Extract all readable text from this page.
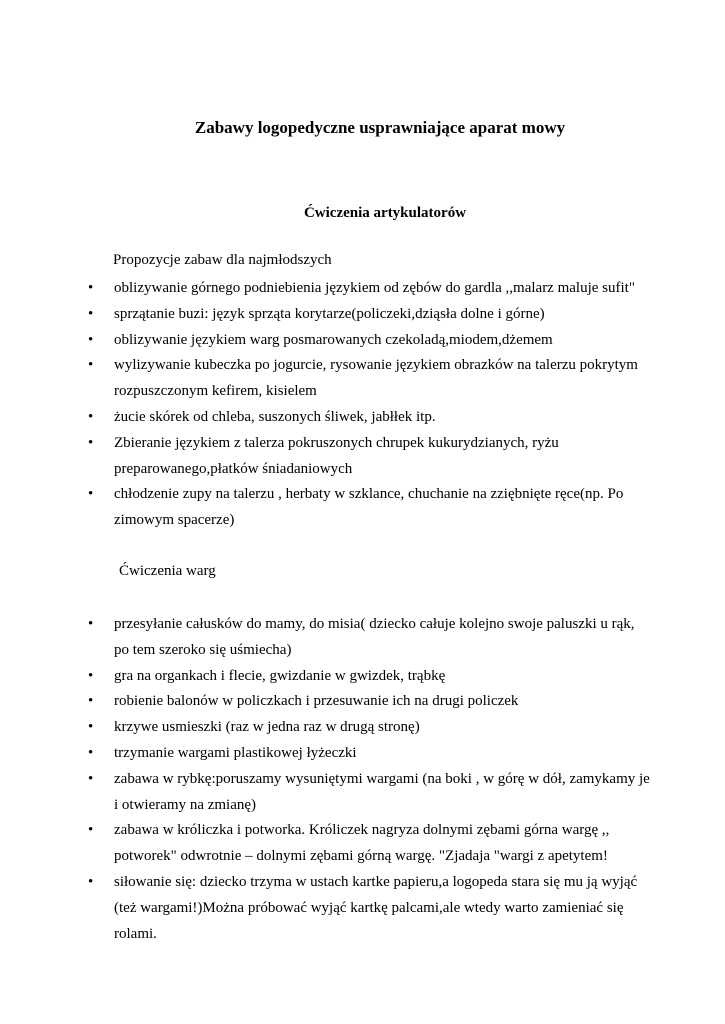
Zabawy logopedyczne usprawniające aparat mowy
Ćwiczenia artykulatorów
Propozycje zabaw dla najmłodszych
• oblizywanie górnego podniebienia językiem od zębów do gardla ,,malarz maluje sufit"
• sprzątanie buzi: język sprząta korytarze(policzeki,dziąsła dolne i górne)
• oblizywanie językiem warg posmarowanych czekoladą,miodem,dżemem
• wylizywanie kubeczka po jogurcie, rysowanie językiem obrazków na talerzu pokrytym rozpuszczonym kefirem, kisielem
• żucie skórek od chleba, suszonych śliwek, jabłłek itp.
• Zbieranie językiem z talerza pokruszonych chrupek kukurydzianych, ryżu preparowanego,płatków śniadaniowych
• chłodzenie zupy na talerzu , herbaty w szklance, chuchanie na zziębnięte ręce(np. Po zimowym spacerze)
Ćwiczenia warg
• przesyłanie całusków do mamy, do misia( dziecko całuje kolejno swoje paluszki u rąk, po tem szeroko się uśmiecha)
• gra na organkach i flecie, gwizdanie w gwizdek, trąbkę
• robienie balonów w policzkach i przesuwanie ich na drugi policzek
• krzywe usmieszki (raz w jedna raz w drugą stronę)
• trzymanie wargami plastikowej łyżeczki
• zabawa w rybkę:poruszamy wysuniętymi wargami (na boki , w górę w dół, zamykamy je i otwieramy na zmianę)
• zabawa w króliczka i potworka. Króliczek nagryza dolnymi zębami górna wargę ,, potworek" odwrotnie – dolnymi zębami górną wargę. "Zjadaja "wargi z apetytem!
• siłowanie się: dziecko trzyma w ustach kartke papieru,a logopeda stara się mu ją wyjąć (też wargami!)Można próbować wyjąć kartkę palcami,ale wtedy warto zamieniać się rolami.
